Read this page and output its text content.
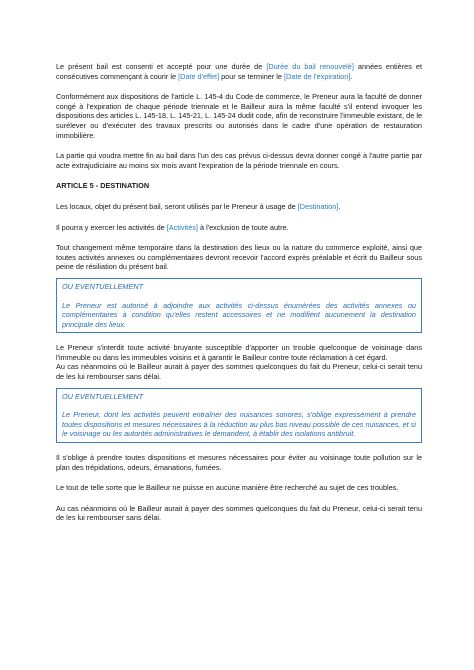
Le présent bail est consenti et accepté pour une durée de [Durée du bail renouvelé] années entières et consécutives commençant à courir le [Date d'effet] pour se terminer le [Date de l'expiration].

Conformément aux dispositions de l'article L. 145-4 du Code de commerce, le Preneur aura la faculté de donner congé à l'expiration de chaque période triennale et le Bailleur aura la même faculté s'il entend invoquer les dispositions des articles L. 145-18, L. 145-21, L. 145-24 dudit code, afin de reconstruire l'immeuble existant, de le surélever ou d'exécuter des travaux prescrits ou autorisés dans le cadre d'une opération de restauration immobilière.

La partie qui voudra mettre fin au bail dans l'un des cas prévus ci-dessus devra donner congé à l'autre partie par acte extrajudiciaire au moins six mois avant l'expiration de la période triennale en cours.

ARTICLE 5 - DESTINATION

Les locaux, objet du présent bail, seront utilisés par le Preneur à usage de [Destination].

Il pourra y exercer les activités de [Activités] à l'exclusion de toute autre.

Tout changement même temporaire dans la destination des lieux ou la nature du commerce exploité, ainsi que toutes activités annexes ou complémentaires devront recevoir l'accord exprès préalable et écrit du Bailleur sous peine de résiliation du présent bail.

OU EVENTUELLEMENT

Le Preneur est autorisé à adjoindre aux activités ci-dessus énumérées des activités annexes ou complémentaires à condition qu'elles restent accessoires et ne modifient aucunement la destination principale des lieux.

Le Preneur s'interdit toute activité bruyante susceptible d'apporter un trouble quelconque de voisinage dans l'immeuble ou dans les immeubles voisins et à garantir le Bailleur contre toute réclamation à cet égard.

Au cas néanmoins où le Bailleur aurait à payer des sommes quelconques du fait du Preneur, celui-ci serait tenu de les lui rembourser sans délai.

OU EVENTUELLEMENT

Le Preneur, dont les activités peuvent entraîner des nuisances sonores, s'oblige expressément à prendre toutes dispositions et mesures nécessaires à la réduction au plus bas niveau possible de ces nuisances, et si le voisinage ou les autorités administratives le demandent, à établir des isolations antibruit.

Il s'oblige à prendre toutes dispositions et mesures nécessaires pour éviter au voisinage toute pollution sur le plan des trépidations, odeurs, émanations, fumées.

Le tout de telle sorte que le Bailleur ne puisse en aucune manière être recherché au sujet de ces troubles.

Au cas néanmoins où le Bailleur aurait à payer des sommes quelconques du fait du Preneur, celui-ci serait tenu de les lui rembourser sans délai.
